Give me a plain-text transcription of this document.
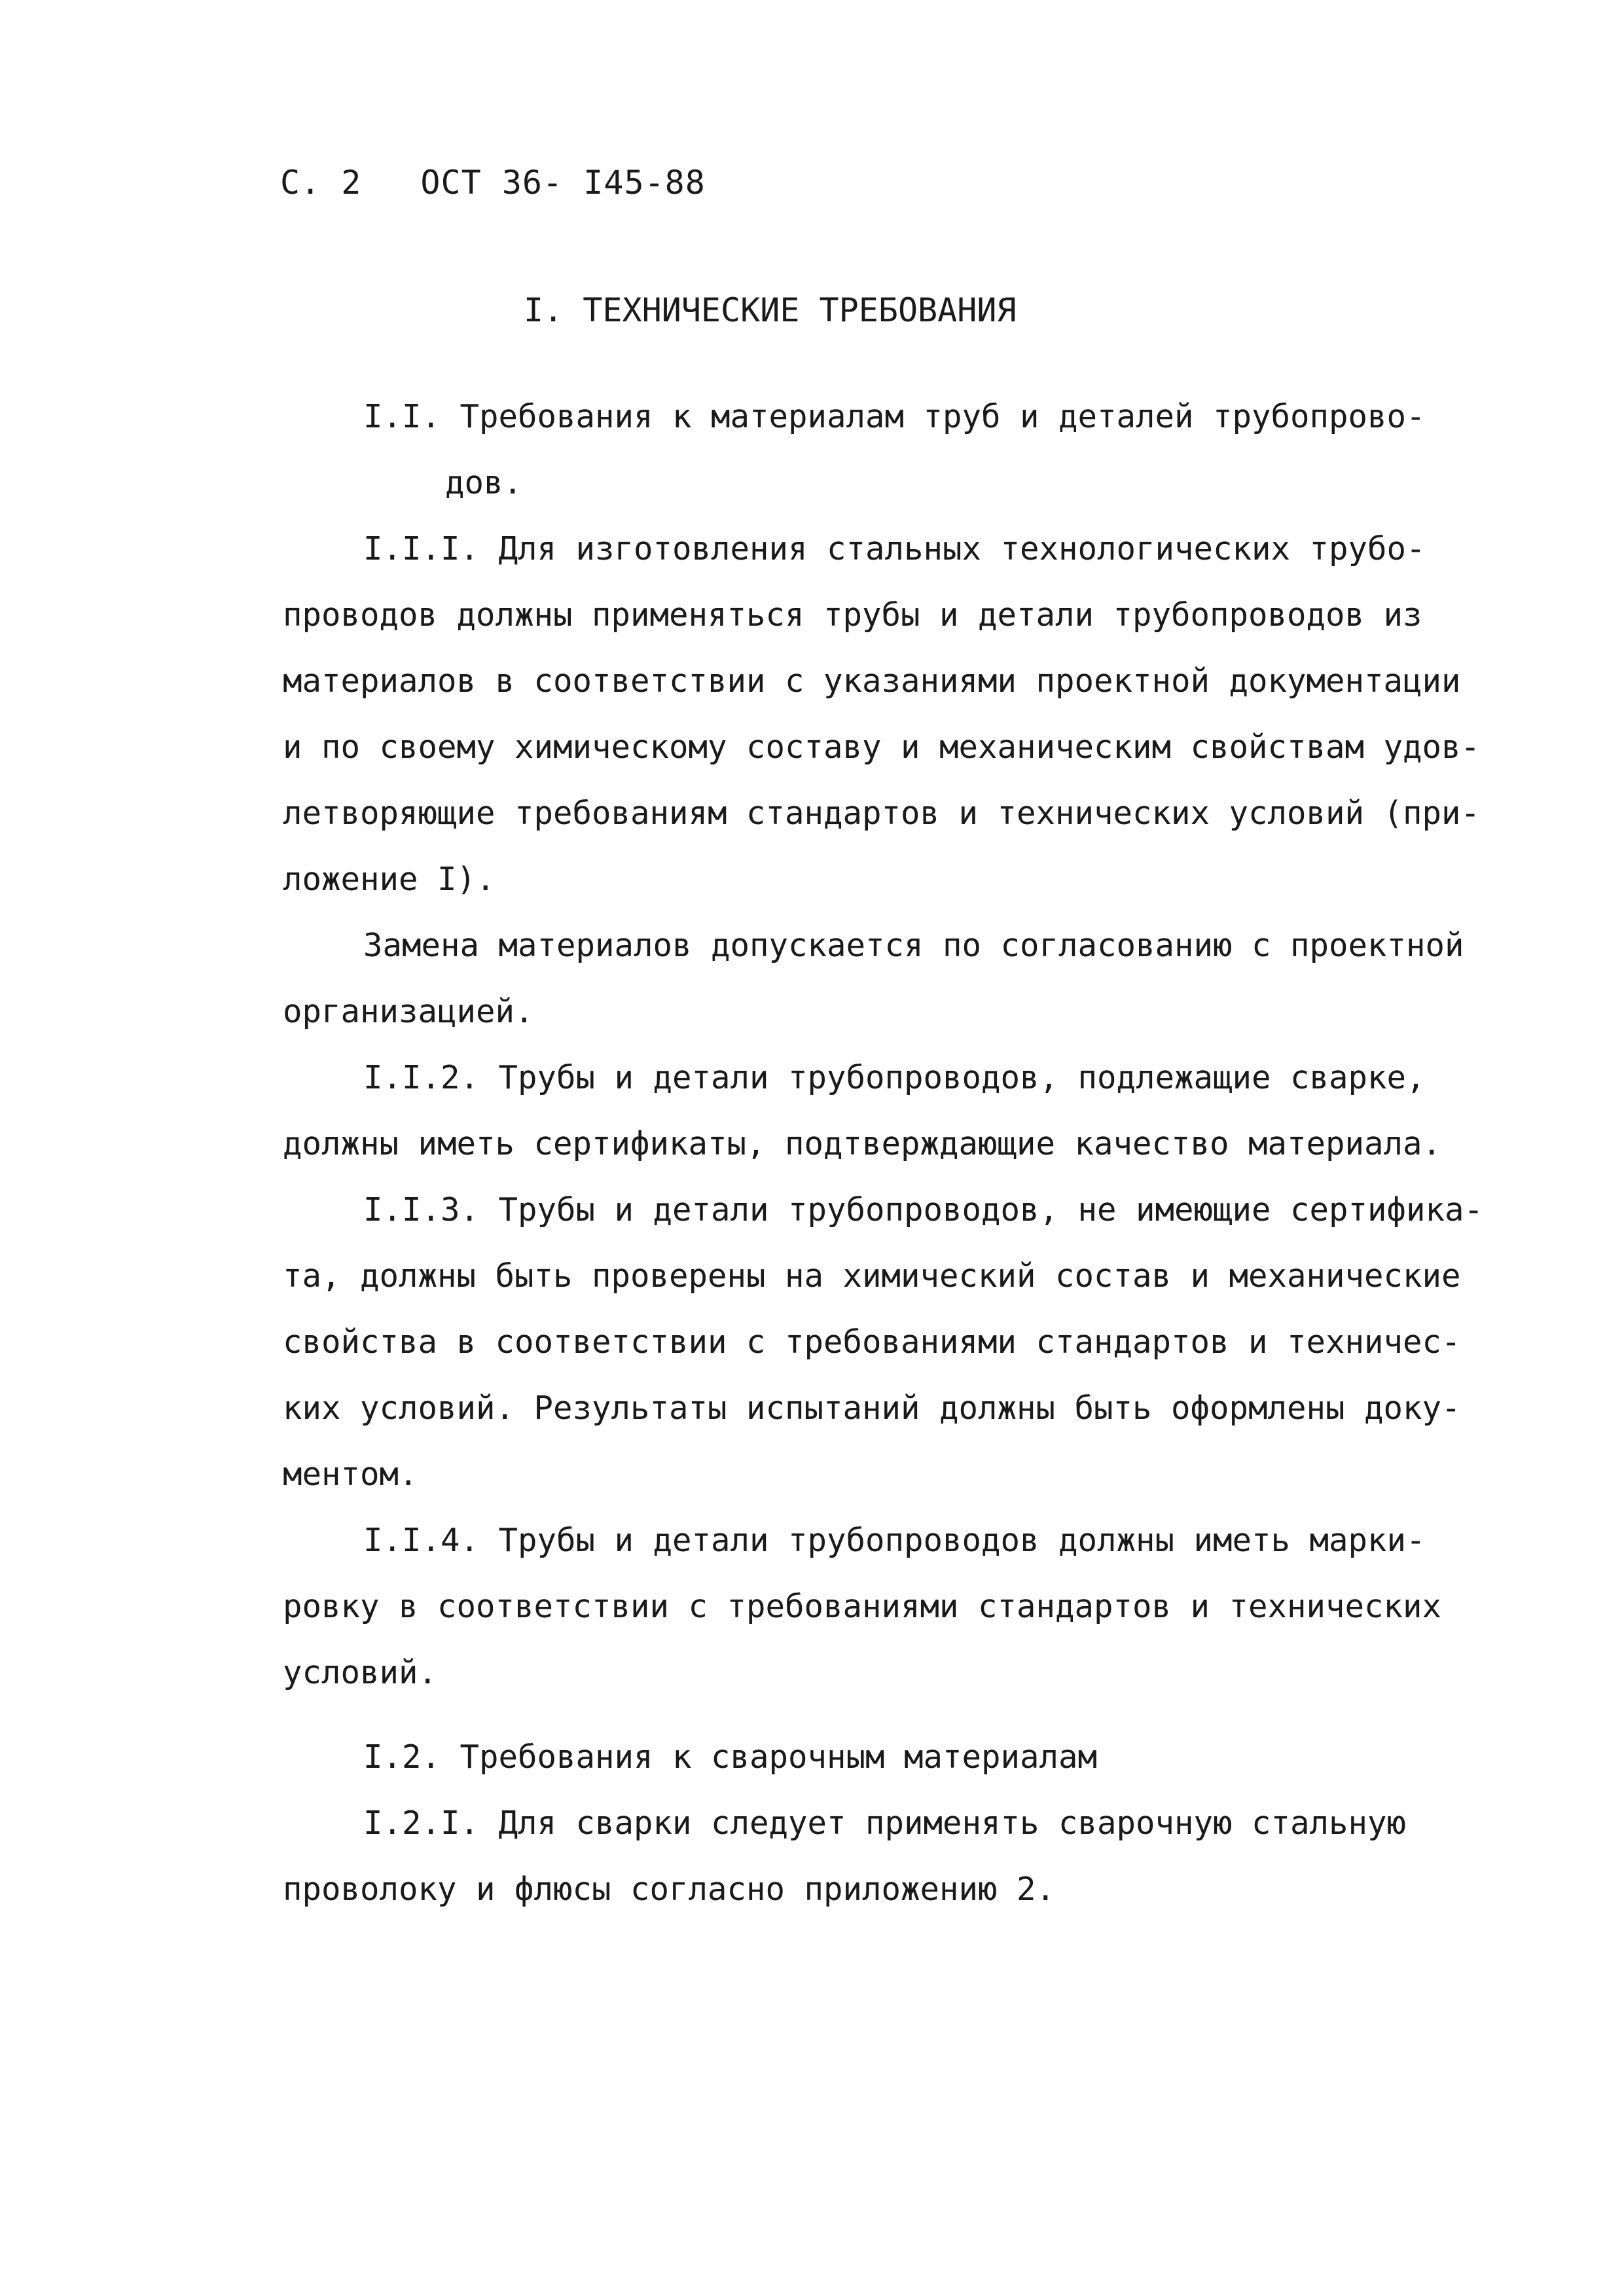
С. 2 ОСТ 36- I45-88
I. ТЕХНИЧЕСКИЕ ТРЕБОВАНИЯ
I.I. Требования к материалам труб и деталей трубопрово-
дов.
I.I.I. Для изготовления стальных технологических трубо-
проводов должны применяться трубы и детали трубопроводов из
материалов в соответствии с указаниями проектной документации
и по своему химическому составу и механическим свойствам удов-
летворяющие требованиям стандартов и технических условий (при-
ложение I).
Замена материалов допускается по согласованию с проектной
организацией.
I.I.2. Трубы и детали трубопроводов, подлежащие сварке,
должны иметь сертификаты, подтверждающие качество материала.
I.I.3. Трубы и детали трубопроводов, не имеющие сертифика-
та, должны быть проверены на химический состав и механические
свойства в соответствии с требованиями стандартов и техничес-
ких условий. Результаты испытаний должны быть оформлены доку-
ментом.
I.I.4. Трубы и детали трубопроводов должны иметь марки-
ровку в соответствии с требованиями стандартов и технических
условий.
I.2. Требования к сварочным материалам
I.2.I. Для сварки следует применять сварочную стальную
проволоку и флюсы согласно приложению 2.
